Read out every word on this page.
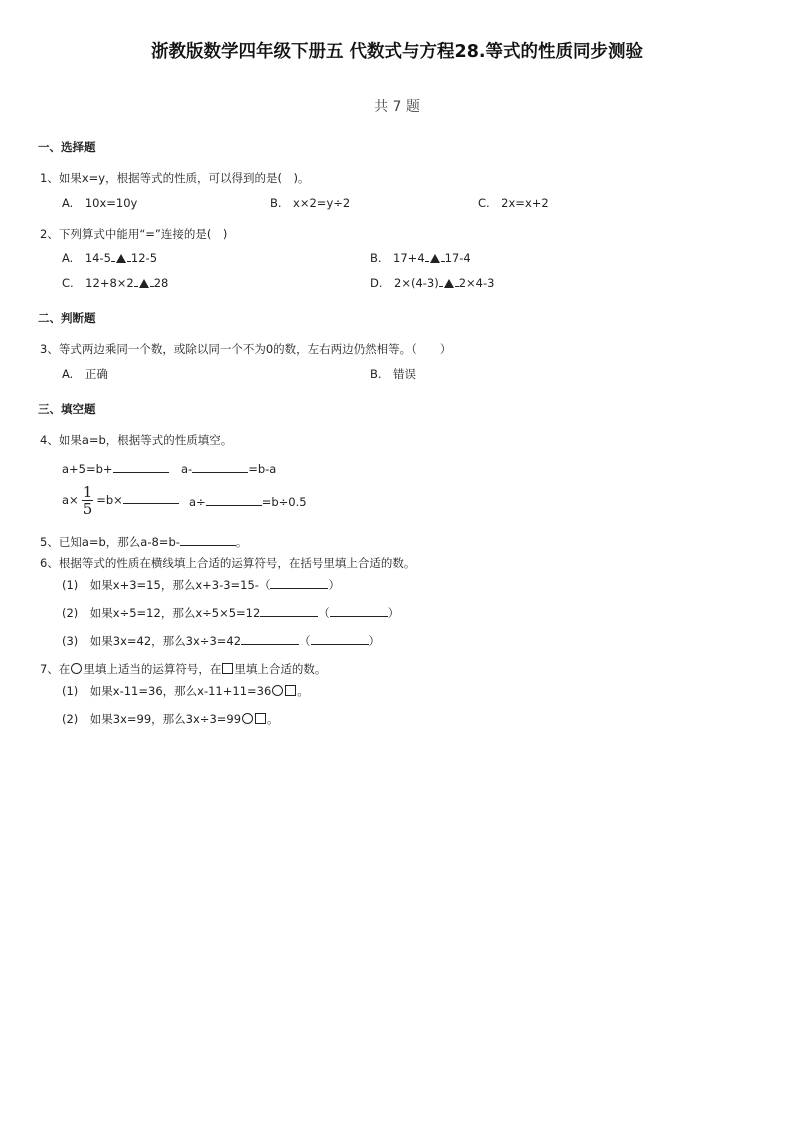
浙教版数学四年级下册五 代数式与方程28.等式的性质同步测验
共 7 题
一、选择题
1、如果x=y，根据等式的性质，可以得到的是(　)。
A.　10x=10y	B.　x×2=y÷2	C.　2x=x+2
2、下列算式中能用“=”连接的是(　)
A.　14-5 12-5	B.　17+4 17-4
C.　12+8×2 28	D.　2×(4-3) 2×4-3
二、判断题
3、等式两边乘同一个数，或除以同一个不为0的数，左右两边仍然相等。（　　）
A.　正确	B.　错误
三、填空题
4、如果a=b，根据等式的性质填空。
a+5=b+	a-	=b-a
$a\times \frac{1}{5} =b\times$	a÷	=b÷0.5
5、已知a=b，那么a-8=b-	。
6、根据等式的性质在横线填上合适的运算符号，在括号里填上合适的数。
(1)　如果x+3=15，那么x+3-3=15-（	）
(2)　如果x÷5=12，那么x÷5×5=12	（	）
(3)　如果3x=42，那么3x÷3=42	（	）
7、在 里填上适当的运算符号，在 里填上合适的数。
(1)　如果x-11=36，那么x-11+11=36 。
(2)　如果3x=99，那么3x÷3=99 。
